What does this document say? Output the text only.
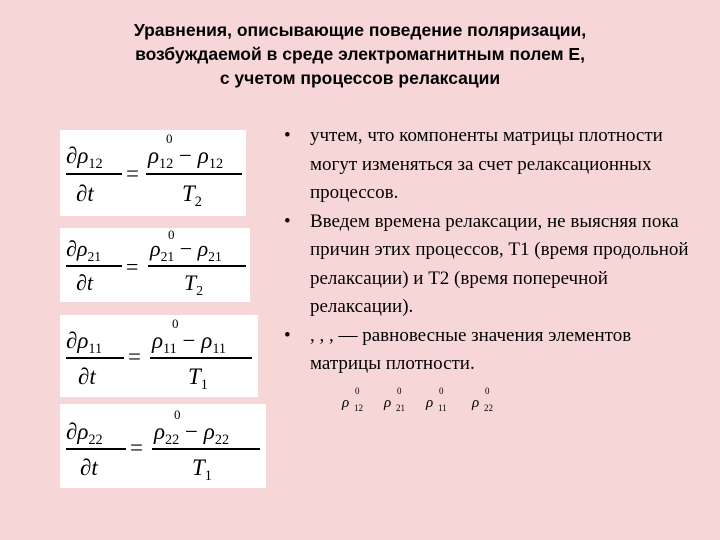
Уравнения, описывающие поведение поляризации,
возбуждаемой в среде электромагнитным полем E,
с учетом процессов релаксации
$\partial\rho_{12}$
∂t
=
0
$\rho_{12} - \rho_{12}$
$T_2$
$\partial\rho_{21}$
∂t
=
0
$\rho_{21} - \rho_{21}$
$T_2$
$\partial\rho_{11}$
∂t
=
0
$\rho_{11} - \rho_{11}$
$T_1$
$\partial\rho_{22}$
∂t
=
0
$\rho_{22} - \rho_{22}$
$T_1$
• учтем, что компоненты матрицы плотности могут изменяться за счет релаксационных процессов.
• Введем времена релаксации, не выясняя пока причин этих процессов, T1 (время продольной релаксации) и T2 (время поперечной релаксации).
• , , , — равновесные значения элементов матрицы плотности.
ρ
0
12 ρ
0
21 ρ
0
11 ρ
0
22
